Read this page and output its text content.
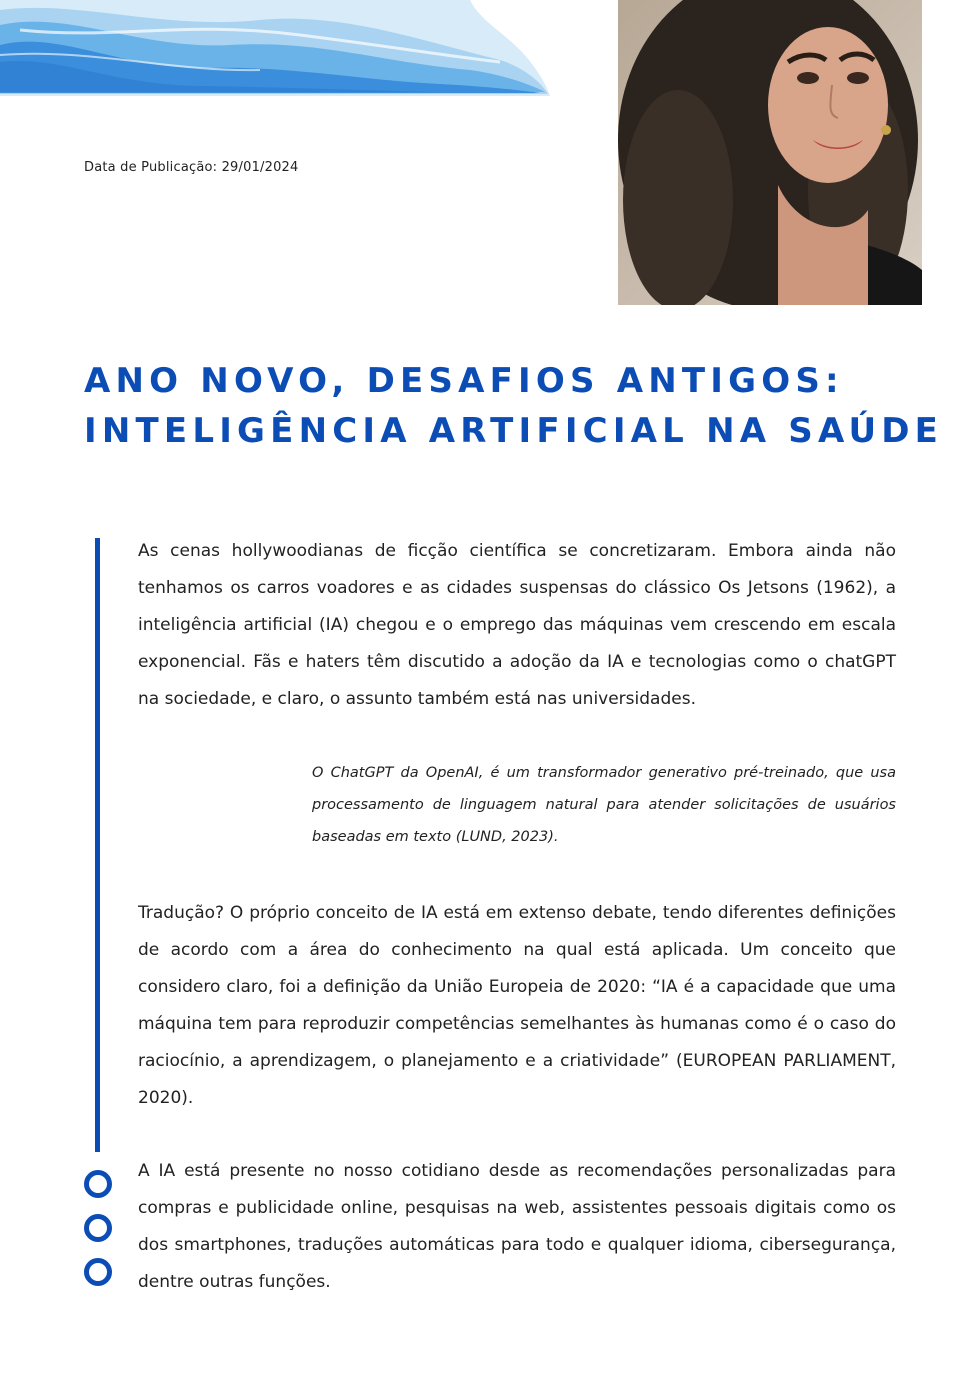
Data de Publicação: 29/01/2024
ANO NOVO, DESAFIOS ANTIGOS:
INTELIGÊNCIA ARTIFICIAL NA SAÚDE

As cenas hollywoodianas de ficção científica se concretizaram. Embora ainda não tenhamos os carros voadores e as cidades suspensas do clássico Os Jetsons (1962), a inteligência artificial (IA) chegou e o emprego das máquinas vem crescendo em escala exponencial. Fãs e haters têm discutido a adoção da IA e tecnologias como o chatGPT na sociedade, e claro, o assunto também está nas universidades.

O ChatGPT da OpenAI, é um transformador generativo pré-treinado, que usa processamento de linguagem natural para atender solicitações de usuários baseadas em texto (LUND, 2023).

Tradução? O próprio conceito de IA está em extenso debate, tendo diferentes definições de acordo com a área do conhecimento na qual está aplicada. Um conceito que considero claro, foi a definição da União Europeia de 2020: “IA é a capacidade que uma máquina tem para reproduzir competências semelhantes às humanas como é o caso do raciocínio, a aprendizagem, o planejamento e a criatividade” (EUROPEAN PARLIAMENT, 2020).

A IA está presente no nosso cotidiano desde as recomendações personalizadas para compras e publicidade online, pesquisas na web, assistentes pessoais digitais como os dos smartphones, traduções automáticas para todo e qualquer idioma, cibersegurança, dentre outras funções.
